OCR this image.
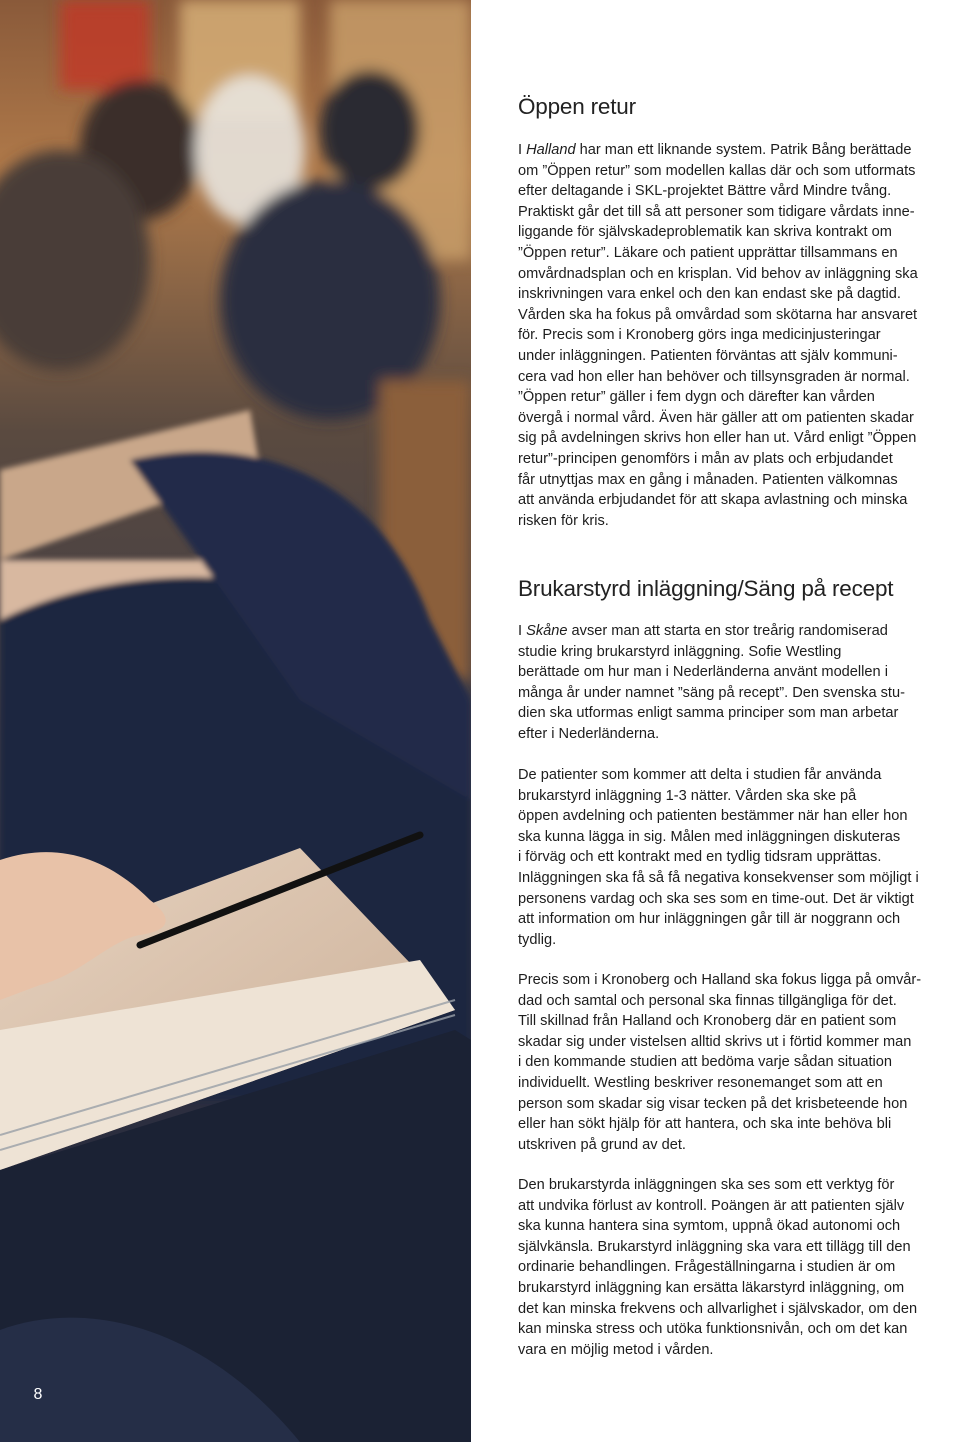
8
Öppen retur
I Halland har man ett liknande system. Patrik Bång berättade
om ”Öppen retur” som modellen kallas där och som utformats
efter deltagande i SKL-projektet Bättre vård Mindre tvång.
Praktiskt går det till så att personer som tidigare vårdats inne-
liggande för självskadeproblematik kan skriva kontrakt om
”Öppen retur”. Läkare och patient upprättar tillsammans en
omvårdnadsplan och en krisplan. Vid behov av inläggning ska
inskrivningen vara enkel och den kan endast ske på dagtid.
Vården ska ha fokus på omvårdad som skötarna har ansvaret
för. Precis som i Kronoberg görs inga medicinjusteringar
under inläggningen. Patienten förväntas att själv kommuni-
cera vad hon eller han behöver och tillsynsgraden är normal.
”Öppen retur” gäller i fem dygn och därefter kan vården
övergå i normal vård. Även här gäller att om patienten skadar
sig på avdelningen skrivs hon eller han ut. Vård enligt ”Öppen
retur”-principen genomförs i mån av plats och erbjudandet
får utnyttjas max en gång i månaden. Patienten välkomnas
att använda erbjudandet för att skapa avlastning och minska
risken för kris.
Brukarstyrd inläggning/Säng på recept
I Skåne avser man att starta en stor treårig randomiserad
studie kring brukarstyrd inläggning. Sofie Westling
berättade om hur man i Nederländerna använt modellen i
många år under namnet ”säng på recept”. Den svenska stu-
dien ska utformas enligt samma principer som man arbetar
efter i Nederländerna.
De patienter som kommer att delta i studien får använda
brukarstyrd inläggning 1-3 nätter. Vården ska ske på
öppen avdelning och patienten bestämmer när han eller hon
ska kunna lägga in sig. Målen med inläggningen diskuteras
i förväg och ett kontrakt med en tydlig tidsram upprättas.
Inläggningen ska få så få negativa konsekvenser som möjligt i
personens vardag och ska ses som en time-out. Det är viktigt
att information om hur inläggningen går till är noggrann och
tydlig.
Precis som i Kronoberg och Halland ska fokus ligga på omvår-
dad och samtal och personal ska finnas tillgängliga för det.
Till skillnad från Halland och Kronoberg där en patient som
skadar sig under vistelsen alltid skrivs ut i förtid kommer man
i den kommande studien att bedöma varje sådan situation
individuellt. Westling beskriver resonemanget som att en
person som skadar sig visar tecken på det krisbeteende hon
eller han sökt hjälp för att hantera, och ska inte behöva bli
utskriven på grund av det.
Den brukarstyrda inläggningen ska ses som ett verktyg för
att undvika förlust av kontroll. Poängen är att patienten själv
ska kunna hantera sina symtom, uppnå ökad autonomi och
självkänsla. Brukarstyrd inläggning ska vara ett tillägg till den
ordinarie behandlingen. Frågeställningarna i studien är om
brukarstyrd inläggning kan ersätta läkarstyrd inläggning, om
det kan minska frekvens och allvarlighet i självskador, om den
kan minska stress och utöka funktionsnivån, och om det kan
vara en möjlig metod i vården.
